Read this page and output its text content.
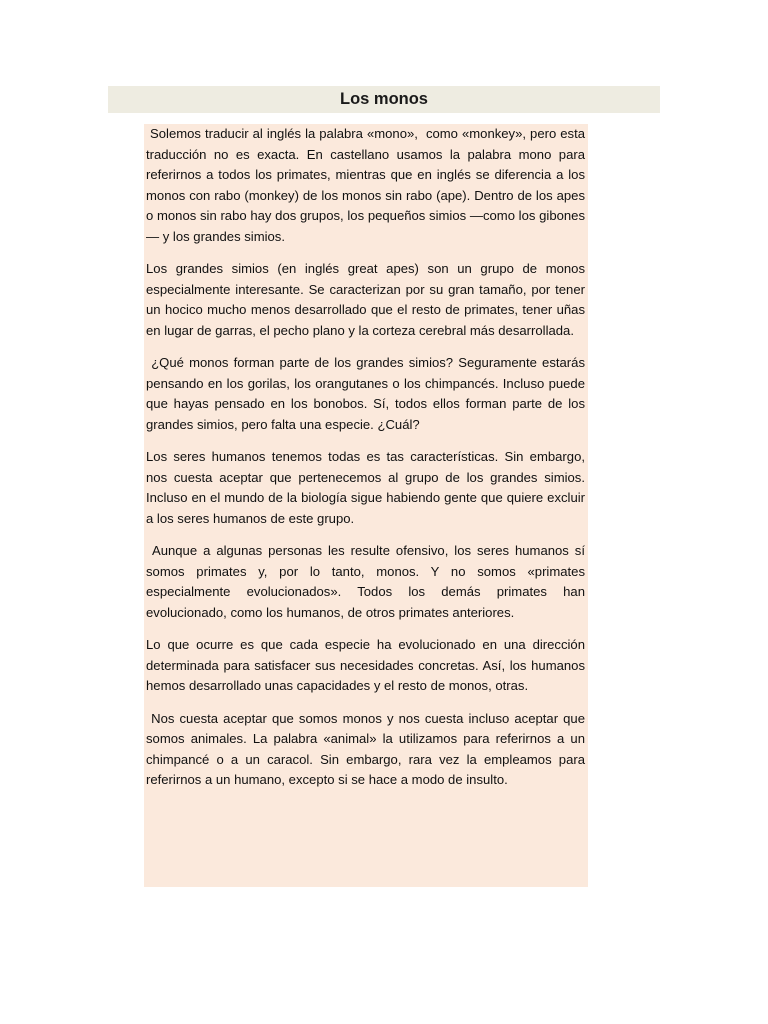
Los monos

Solemos traducir al inglés la palabra «mono»,  como «monkey», pero esta traducción no es exacta. En castellano usamos la palabra mono para referirnos a todos los primates, mientras que en inglés se diferencia a los monos con rabo (monkey) de los monos sin rabo (ape). Dentro de los apes o monos sin rabo hay dos grupos, los pequeños simios —como los gibones— y los grandes simios.

Los grandes simios (en inglés great apes) son un grupo de monos especialmente interesante. Se caracterizan por su gran tamaño, por tener un hocico mucho menos desarrollado que el resto de primates, tener uñas en lugar de garras, el pecho plano y la corteza cerebral más desarrollada.

¿Qué monos forman parte de los grandes simios? Seguramente estarás pensando en los gorilas, los orangutanes o los chimpancés. Incluso puede que hayas pensado en los bonobos. Sí, todos ellos forman parte de los grandes simios, pero falta una especie. ¿Cuál?

Los seres humanos tenemos todas es tas características. Sin embargo, nos cuesta aceptar que pertenecemos al grupo de los grandes simios. Incluso en el mundo de la biología sigue habiendo gente que quiere excluir a los seres humanos de este grupo.

Aunque a algunas personas les resulte ofensivo, los seres humanos sí somos primates y, por lo tanto, monos. Y no somos «primates especialmente evolucionados». Todos los demás primates han evolucionado, como los humanos, de otros primates anteriores.

Lo que ocurre es que cada especie ha evolucionado en una dirección determinada para satisfacer sus necesidades concretas. Así, los humanos hemos desarrollado unas capacidades y el resto de monos, otras.

Nos cuesta aceptar que somos monos y nos cuesta incluso aceptar que somos animales. La palabra «animal» la utilizamos para referirnos a un chimpancé o a un caracol. Sin embargo, rara vez la empleamos para referirnos a un humano, excepto si se hace a modo de insulto.
